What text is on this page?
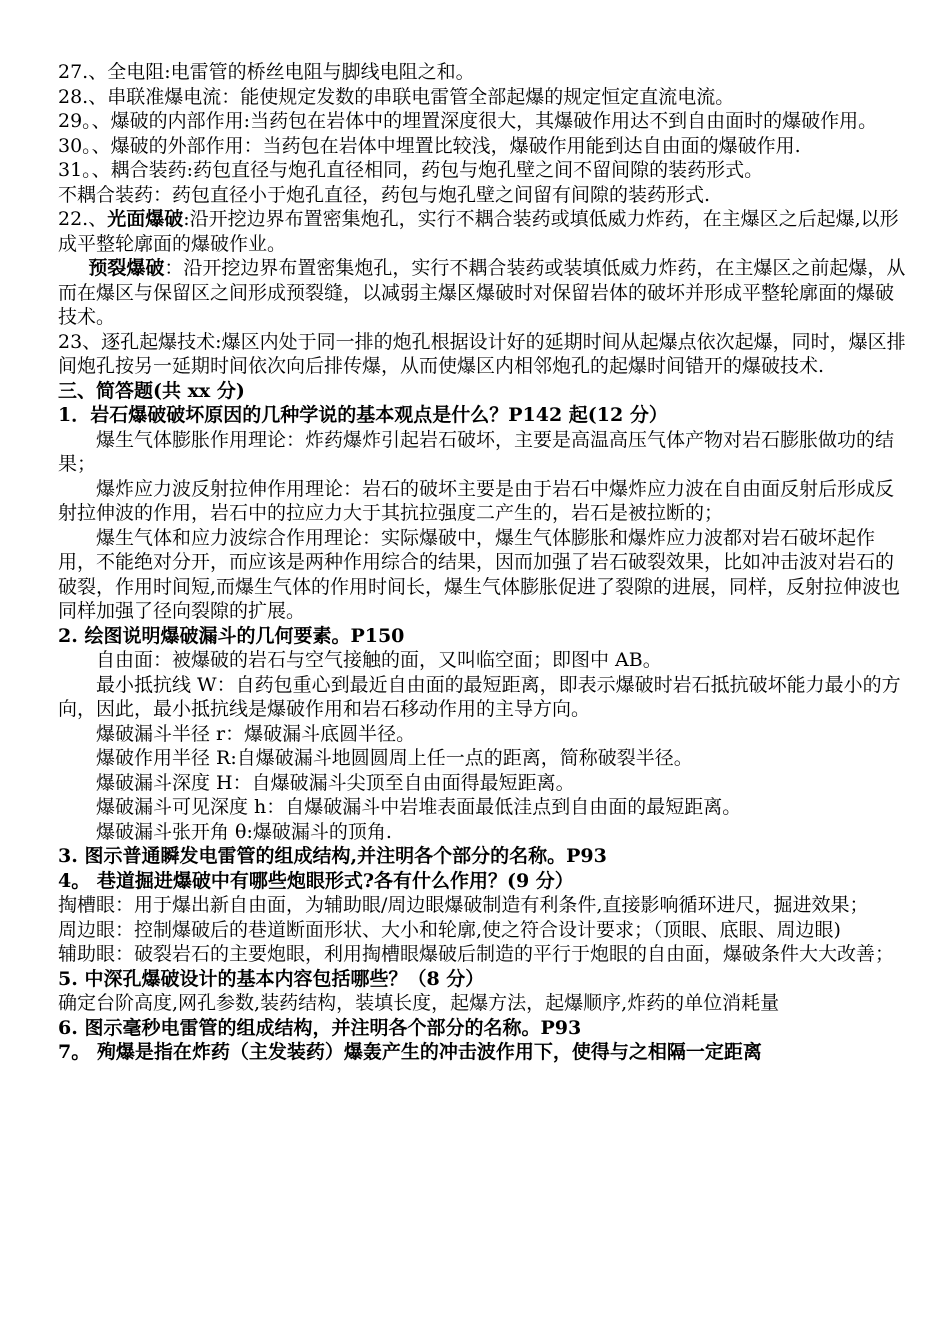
27.、全电阻:电雷管的桥丝电阻与脚线电阻之和。

28.、串联准爆电流：能使规定发数的串联电雷管全部起爆的规定恒定直流电流。

29。、爆破的内部作用:当药包在岩体中的埋置深度很大，其爆破作用达不到自由面时的爆破作用。

30。、爆破的外部作用：当药包在岩体中埋置比较浅，爆破作用能到达自由面的爆破作用.

31。、耦合装药:药包直径与炮孔直径相同，药包与炮孔壁之间不留间隙的装药形式。

不耦合装药：药包直径小于炮孔直径，药包与炮孔壁之间留有间隙的装药形式.

22.、光面爆破:沿开挖边界布置密集炮孔，实行不耦合装药或填低威力炸药，在主爆区之后起爆,以形成平整轮廓面的爆破作业。

预裂爆破：沿开挖边界布置密集炮孔，实行不耦合装药或装填低威力炸药，在主爆区之前起爆，从而在爆区与保留区之间形成预裂缝，以减弱主爆区爆破时对保留岩体的破坏并形成平整轮廓面的爆破技术。

23、逐孔起爆技术:爆区内处于同一排的炮孔根据设计好的延期时间从起爆点依次起爆，同时，爆区排间炮孔按另一延期时间依次向后排传爆，从而使爆区内相邻炮孔的起爆时间错开的爆破技术.

三、简答题(共 xx 分)

1．岩石爆破破坏原因的几种学说的基本观点是什么？P142 起(12 分）

爆生气体膨胀作用理论：炸药爆炸引起岩石破坏，主要是高温高压气体产物对岩石膨胀做功的结果；

爆炸应力波反射拉伸作用理论：岩石的破坏主要是由于岩石中爆炸应力波在自由面反射后形成反射拉伸波的作用，岩石中的拉应力大于其抗拉强度二产生的，岩石是被拉断的；

爆生气体和应力波综合作用理论：实际爆破中，爆生气体膨胀和爆炸应力波都对岩石破坏起作用，不能绝对分开，而应该是两种作用综合的结果，因而加强了岩石破裂效果，比如冲击波对岩石的破裂，作用时间短,而爆生气体的作用时间长，爆生气体膨胀促进了裂隙的进展，同样，反射拉伸波也同样加强了径向裂隙的扩展。

2. 绘图说明爆破漏斗的几何要素。P150

自由面：被爆破的岩石与空气接触的面，又叫临空面；即图中 AB。

最小抵抗线 W：自药包重心到最近自由面的最短距离，即表示爆破时岩石抵抗破坏能力最小的方向，因此，最小抵抗线是爆破作用和岩石移动作用的主导方向。

爆破漏斗半径 r：爆破漏斗底圆半径。

爆破作用半径 R:自爆破漏斗地圆圆周上任一点的距离，简称破裂半径。

爆破漏斗深度 H：自爆破漏斗尖顶至自由面得最短距离。

爆破漏斗可见深度 h：自爆破漏斗中岩堆表面最低洼点到自由面的最短距离。

爆破漏斗张开角 θ:爆破漏斗的顶角.

3. 图示普通瞬发电雷管的组成结构,并注明各个部分的名称。P93

4。 巷道掘进爆破中有哪些炮眼形式?各有什么作用？(9 分）

掏槽眼：用于爆出新自由面，为辅助眼/周边眼爆破制造有利条件,直接影响循环进尺，掘进效果；

周边眼：控制爆破后的巷道断面形状、大小和轮廓,使之符合设计要求；（顶眼、底眼、周边眼)

辅助眼：破裂岩石的主要炮眼，利用掏槽眼爆破后制造的平行于炮眼的自由面，爆破条件大大改善；

5. 中深孔爆破设计的基本内容包括哪些？（8 分）

确定台阶高度,网孔参数,装药结构，装填长度，起爆方法，起爆顺序,炸药的单位消耗量

6. 图示毫秒电雷管的组成结构，并注明各个部分的名称。P93

7。 殉爆是指在炸药（主发装药）爆轰产生的冲击波作用下，使得与之相隔一定距离
